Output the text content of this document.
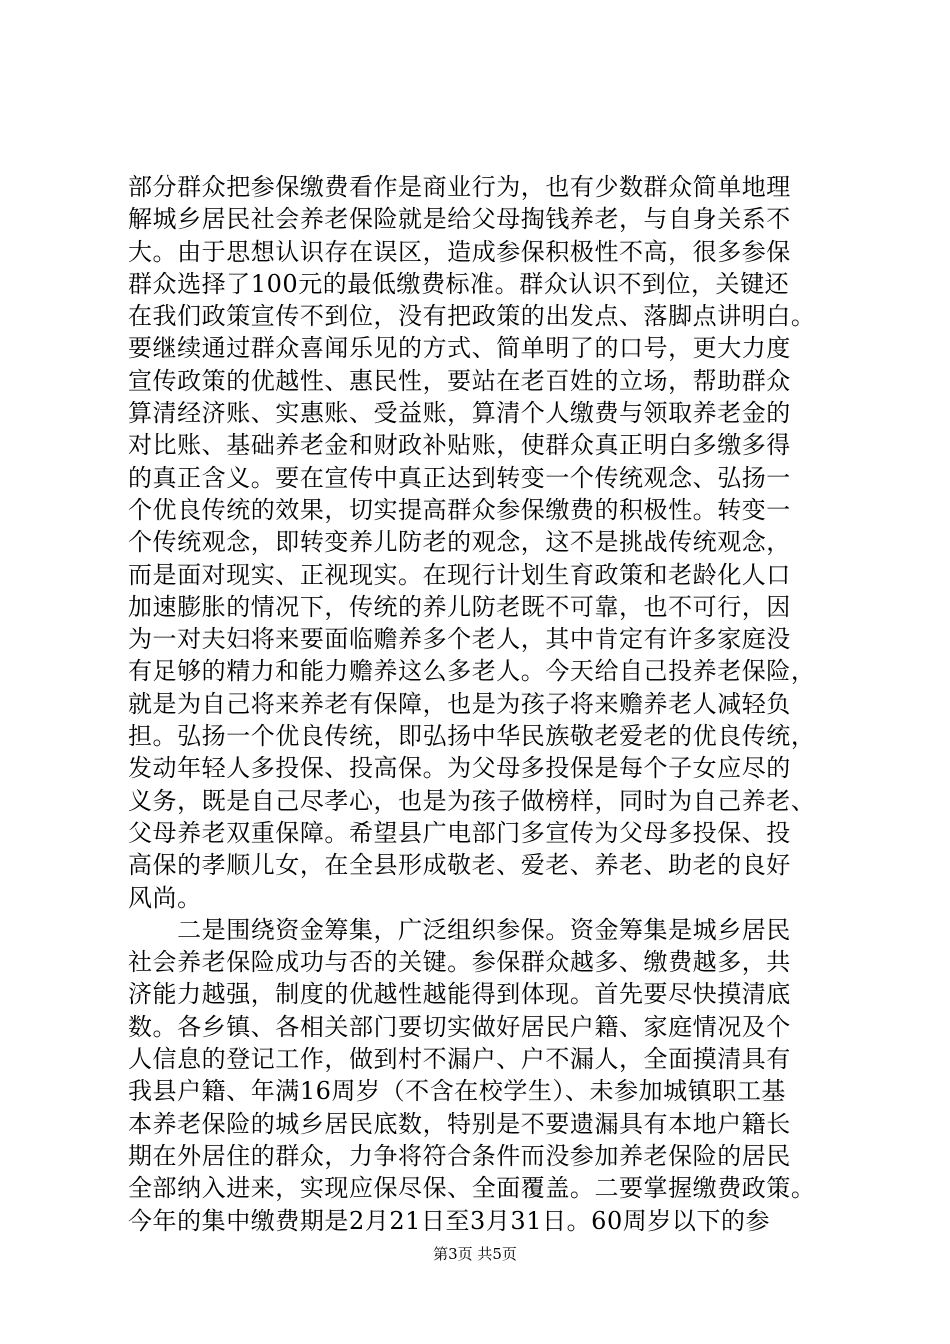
部分群众把参保缴费看作是商业行为，也有少数群众简单地理
解城乡居民社会养老保险就是给父母掏钱养老，与自身关系不
大。由于思想认识存在误区，造成参保积极性不高，很多参保
群众选择了100元的最低缴费标准。群众认识不到位，关键还
在我们政策宣传不到位，没有把政策的出发点、落脚点讲明白。
要继续通过群众喜闻乐见的方式、简单明了的口号，更大力度
宣传政策的优越性、惠民性，要站在老百姓的立场，帮助群众
算清经济账、实惠账、受益账，算清个人缴费与领取养老金的
对比账、基础养老金和财政补贴账，使群众真正明白多缴多得
的真正含义。要在宣传中真正达到转变一个传统观念、弘扬一
个优良传统的效果，切实提高群众参保缴费的积极性。转变一
个传统观念，即转变养儿防老的观念，这不是挑战传统观念，
而是面对现实、正视现实。在现行计划生育政策和老龄化人口
加速膨胀的情况下，传统的养儿防老既不可靠，也不可行，因
为一对夫妇将来要面临赡养多个老人，其中肯定有许多家庭没
有足够的精力和能力赡养这么多老人。今天给自己投养老保险，
就是为自己将来养老有保障，也是为孩子将来赡养老人减轻负
担。弘扬一个优良传统，即弘扬中华民族敬老爱老的优良传统，
发动年轻人多投保、投高保。为父母多投保是每个子女应尽的
义务，既是自己尽孝心，也是为孩子做榜样，同时为自己养老、
父母养老双重保障。希望县广电部门多宣传为父母多投保、投
高保的孝顺儿女，在全县形成敬老、爱老、养老、助老的良好
风尚。
　　二是围绕资金筹集，广泛组织参保。资金筹集是城乡居民
社会养老保险成功与否的关键。参保群众越多、缴费越多，共
济能力越强，制度的优越性越能得到体现。首先要尽快摸清底
数。各乡镇、各相关部门要切实做好居民户籍、家庭情况及个
人信息的登记工作，做到村不漏户、户不漏人，全面摸清具有
我县户籍、年满16周岁（不含在校学生）、未参加城镇职工基
本养老保险的城乡居民底数，特别是不要遗漏具有本地户籍长
期在外居住的群众，力争将符合条件而没参加养老保险的居民
全部纳入进来，实现应保尽保、全面覆盖。二要掌握缴费政策。
今年的集中缴费期是2月21日至3月31日。60周岁以下的参
第3页 共5页
